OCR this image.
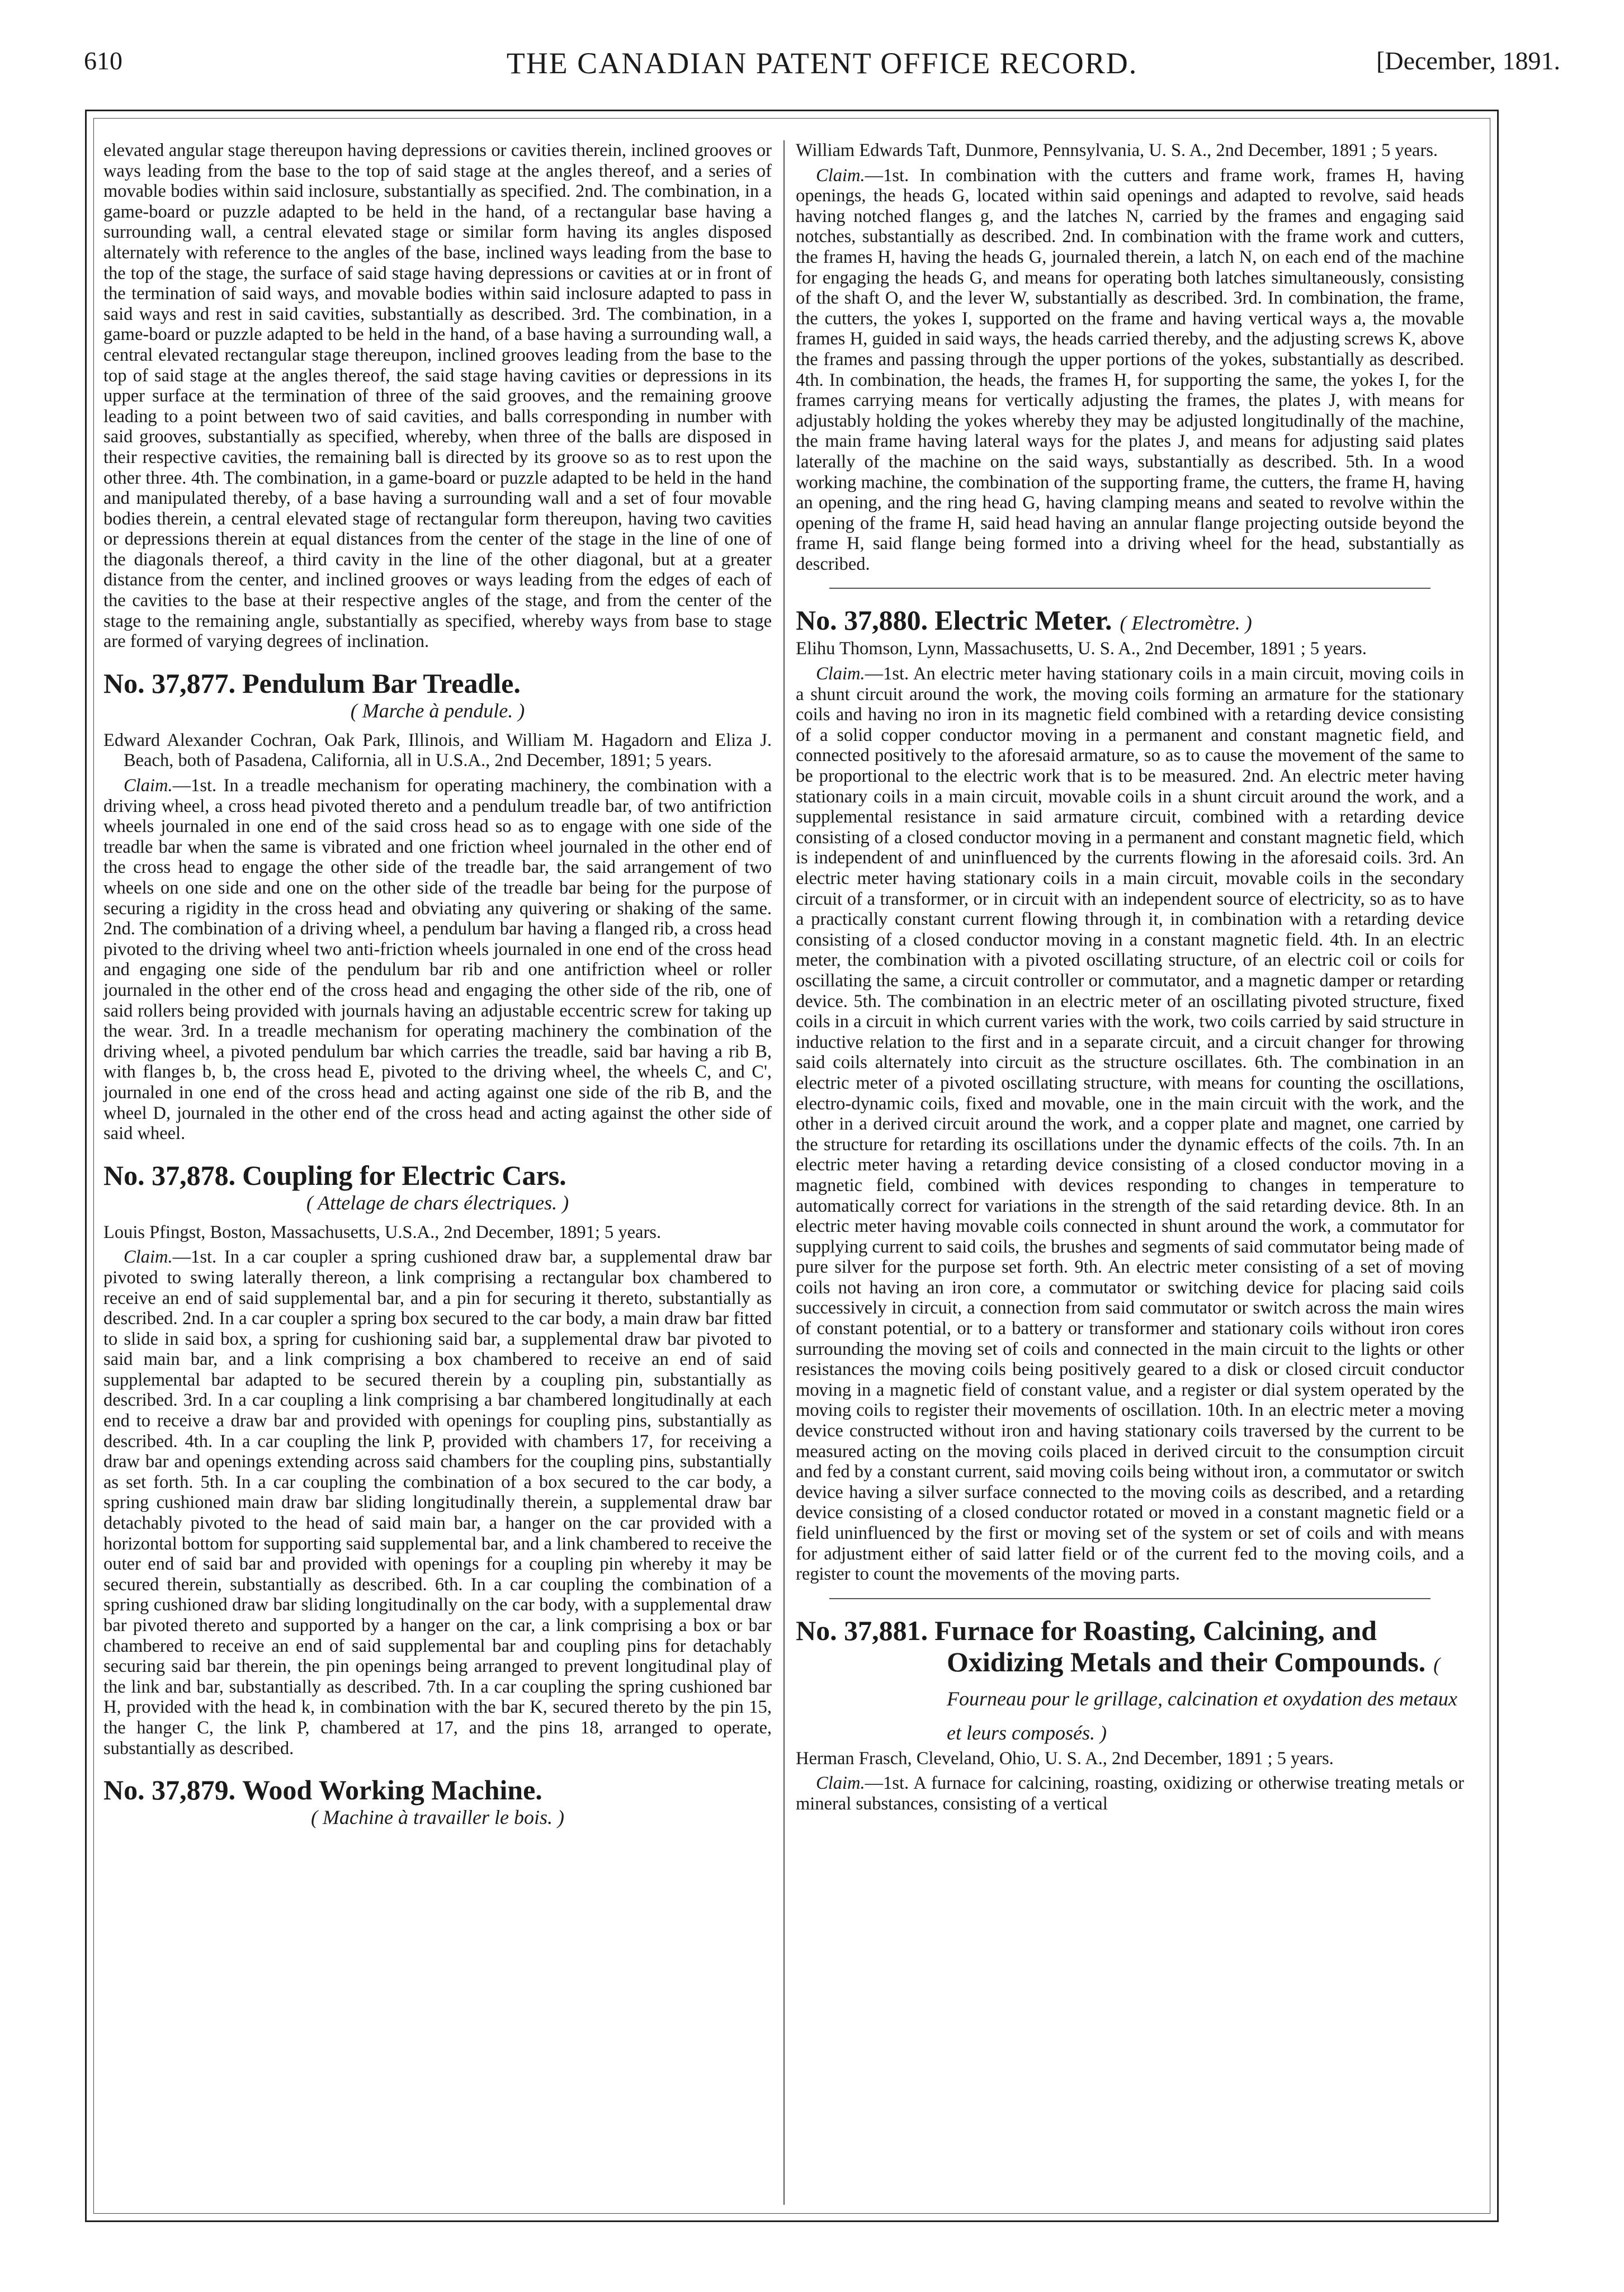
THE CANADIAN PATENT OFFICE RECORD.
610	[December, 1891.

elevated angular stage thereupon having depressions or cavities therein, inclined grooves or ways leading from the base to the top of said stage at the angles thereof, and a series of movable bodies within said inclosure, substantially as specified. 2nd. The combination, in a game-board or puzzle adapted to be held in the hand, of a rectangular base having a surrounding wall, a central elevated stage or similar form having its angles disposed alternately with reference to the angles of the base, inclined ways leading from the base to the top of the stage, the surface of said stage having depressions or cavities at or in front of the termination of said ways, and movable bodies within said inclosure adapted to pass in said ways and rest in said cavities, substantially as described. 3rd. The combination, in a game-board or puzzle adapted to be held in the hand, of a base having a surrounding wall, a central elevated rectangular stage thereupon, inclined grooves leading from the base to the top of said stage at the angles thereof, the said stage having cavities or depressions in its upper surface at the termination of three of the said grooves, and the remaining groove leading to a point between two of said cavities, and balls corresponding in number with said grooves, substantially as specified, whereby, when three of the balls are disposed in their respective cavities, the remaining ball is directed by its groove so as to rest upon the other three. 4th. The combination, in a game-board or puzzle adapted to be held in the hand and manipulated thereby, of a base having a surrounding wall and a set of four movable bodies therein, a central elevated stage of rectangular form thereupon, having two cavities or depressions therein at equal distances from the center of the stage in the line of one of the diagonals thereof, a third cavity in the line of the other diagonal, but at a greater distance from the center, and inclined grooves or ways leading from the edges of each of the cavities to the base at their respective angles of the stage, and from the center of the stage to the remaining angle, substantially as specified, whereby ways from base to stage are formed of varying degrees of inclination.

No. 37,877. Pendulum Bar Treadle.
( Marche à pendule. )

Edward Alexander Cochran, Oak Park, Illinois, and William M. Hagadorn and Eliza J. Beach, both of Pasadena, California, all in U.S.A., 2nd December, 1891; 5 years.

Claim.—1st. In a treadle mechanism for operating machinery, the combination with a driving wheel, a cross head pivoted thereto and a pendulum treadle bar, of two antifriction wheels journaled in one end of the said cross head so as to engage with one side of the treadle bar when the same is vibrated and one friction wheel journaled in the other end of the cross head to engage the other side of the treadle bar, the said arrangement of two wheels on one side and one on the other side of the treadle bar being for the purpose of securing a rigidity in the cross head and obviating any quivering or shaking of the same. 2nd. The combination of a driving wheel, a pendulum bar having a flanged rib, a cross head pivoted to the driving wheel two anti-friction wheels journaled in one end of the cross head and engaging one side of the pendulum bar rib and one antifriction wheel or roller journaled in the other end of the cross head and engaging the other side of the rib, one of said rollers being provided with journals having an adjustable eccentric screw for taking up the wear. 3rd. In a treadle mechanism for operating machinery the combination of the driving wheel, a pivoted pendulum bar which carries the treadle, said bar having a rib B, with flanges b, b, the cross head E, pivoted to the driving wheel, the wheels C, and C', journaled in one end of the cross head and acting against one side of the rib B, and the wheel D, journaled in the other end of the cross head and acting against the other side of said wheel.

No. 37,878. Coupling for Electric Cars.
( Attelage de chars électriques. )

Louis Pfingst, Boston, Massachusetts, U.S.A., 2nd December, 1891; 5 years.

Claim.—1st. In a car coupler a spring cushioned draw bar, a supplemental draw bar pivoted to swing laterally thereon, a link comprising a rectangular box chambered to receive an end of said supplemental bar, and a pin for securing it thereto, substantially as described. 2nd. In a car coupler a spring box secured to the car body, a main draw bar fitted to slide in said box, a spring for cushioning said bar, a supplemental draw bar pivoted to said main bar, and a link comprising a box chambered to receive an end of said supplemental bar adapted to be secured therein by a coupling pin, substantially as described. 3rd. In a car coupling a link comprising a bar chambered longitudinally at each end to receive a draw bar and provided with openings for coupling pins, substantially as described. 4th. In a car coupling the link P, provided with chambers 17, for receiving a draw bar and openings extending across said chambers for the coupling pins, substantially as set forth. 5th. In a car coupling the combination of a box secured to the car body, a spring cushioned main draw bar sliding longitudinally therein, a supplemental draw bar detachably pivoted to the head of said main bar, a hanger on the car provided with a horizontal bottom for supporting said supplemental bar, and a link chambered to receive the outer end of said bar and provided with openings for a coupling pin whereby it may be secured therein, substantially as described. 6th. In a car coupling the combination of a spring cushioned draw bar sliding longitudinally on the car body, with a supplemental draw bar pivoted thereto and supported by a hanger on the car, a link comprising a box or bar chambered to receive an end of said supplemental bar and coupling pins for detachably securing said bar therein, the pin openings being arranged to prevent longitudinal play of the link and bar, substantially as described. 7th. In a car coupling the spring cushioned bar H, provided with the head k, in combination with the bar K, secured thereto by the pin 15, the hanger C, the link P, chambered at 17, and the pins 18, arranged to operate, substantially as described.

No. 37,879. Wood Working Machine.
( Machine à travailler le bois. )

William Edwards Taft, Dunmore, Pennsylvania, U. S. A., 2nd December, 1891 ; 5 years.

Claim.—1st. In combination with the cutters and frame work, frames H, having openings, the heads G, located within said openings and adapted to revolve, said heads having notched flanges g, and the latches N, carried by the frames and engaging said notches, substantially as described. 2nd. In combination with the frame work and cutters, the frames H, having the heads G, journaled therein, a latch N, on each end of the machine for engaging the heads G, and means for operating both latches simultaneously, consisting of the shaft O, and the lever W, substantially as described. 3rd. In combination, the frame, the cutters, the yokes I, supported on the frame and having vertical ways a, the movable frames H, guided in said ways, the heads carried thereby, and the adjusting screws K, above the frames and passing through the upper portions of the yokes, substantially as described. 4th. In combination, the heads, the frames H, for supporting the same, the yokes I, for the frames carrying means for vertically adjusting the frames, the plates J, with means for adjustably holding the yokes whereby they may be adjusted longitudinally of the machine, the main frame having lateral ways for the plates J, and means for adjusting said plates laterally of the machine on the said ways, substantially as described. 5th. In a wood working machine, the combination of the supporting frame, the cutters, the frame H, having an opening, and the ring head G, having clamping means and seated to revolve within the opening of the frame H, said head having an annular flange projecting outside beyond the frame H, said flange being formed into a driving wheel for the head, substantially as described.

No. 37,880. Electric Meter. ( Electromètre. )

Elihu Thomson, Lynn, Massachusetts, U. S. A., 2nd December, 1891 ; 5 years.

Claim.—1st. An electric meter having stationary coils in a main circuit, moving coils in a shunt circuit around the work, the moving coils forming an armature for the stationary coils and having no iron in its magnetic field combined with a retarding device consisting of a solid copper conductor moving in a permanent and constant magnetic field, and connected positively to the aforesaid armature, so as to cause the movement of the same to be proportional to the electric work that is to be measured. 2nd. An electric meter having stationary coils in a main circuit, movable coils in a shunt circuit around the work, and a supplemental resistance in said armature circuit, combined with a retarding device consisting of a closed conductor moving in a permanent and constant magnetic field, which is independent of and uninfluenced by the currents flowing in the aforesaid coils. 3rd. An electric meter having stationary coils in a main circuit, movable coils in the secondary circuit of a transformer, or in circuit with an independent source of electricity, so as to have a practically constant current flowing through it, in combination with a retarding device consisting of a closed conductor moving in a constant magnetic field. 4th. In an electric meter, the combination with a pivoted oscillating structure, of an electric coil or coils for oscillating the same, a circuit controller or commutator, and a magnetic damper or retarding device. 5th. The combination in an electric meter of an oscillating pivoted structure, fixed coils in a circuit in which current varies with the work, two coils carried by said structure in inductive relation to the first and in a separate circuit, and a circuit changer for throwing said coils alternately into circuit as the structure oscillates. 6th. The combination in an electric meter of a pivoted oscillating structure, with means for counting the oscillations, electro-dynamic coils, fixed and movable, one in the main circuit with the work, and the other in a derived circuit around the work, and a copper plate and magnet, one carried by the structure for retarding its oscillations under the dynamic effects of the coils. 7th. In an electric meter having a retarding device consisting of a closed conductor moving in a magnetic field, combined with devices responding to changes in temperature to automatically correct for variations in the strength of the said retarding device. 8th. In an electric meter having movable coils connected in shunt around the work, a commutator for supplying current to said coils, the brushes and segments of said commutator being made of pure silver for the purpose set forth. 9th. An electric meter consisting of a set of moving coils not having an iron core, a commutator or switching device for placing said coils successively in circuit, a connection from said commutator or switch across the main wires of constant potential, or to a battery or transformer and stationary coils without iron cores surrounding the moving set of coils and connected in the main circuit to the lights or other resistances the moving coils being positively geared to a disk or closed circuit conductor moving in a magnetic field of constant value, and a register or dial system operated by the moving coils to register their movements of oscillation. 10th. In an electric meter a moving device constructed without iron and having stationary coils traversed by the current to be measured acting on the moving coils placed in derived circuit to the consumption circuit and fed by a constant current, said moving coils being without iron, a commutator or switch device having a silver surface connected to the moving coils as described, and a retarding device consisting of a closed conductor rotated or moved in a constant magnetic field or a field uninfluenced by the first or moving set of the system or set of coils and with means for adjustment either of said latter field or of the current fed to the moving coils, and a register to count the movements of the moving parts.

No. 37,881. Furnace for Roasting, Calcining, and Oxidizing Metals and their Compounds. ( Fourneau pour le grillage, calcination et oxydation des metaux et leurs composés. )

Herman Frasch, Cleveland, Ohio, U. S. A., 2nd December, 1891 ; 5 years.

Claim.—1st. A furnace for calcining, roasting, oxidizing or otherwise treating metals or mineral substances, consisting of a vertical
